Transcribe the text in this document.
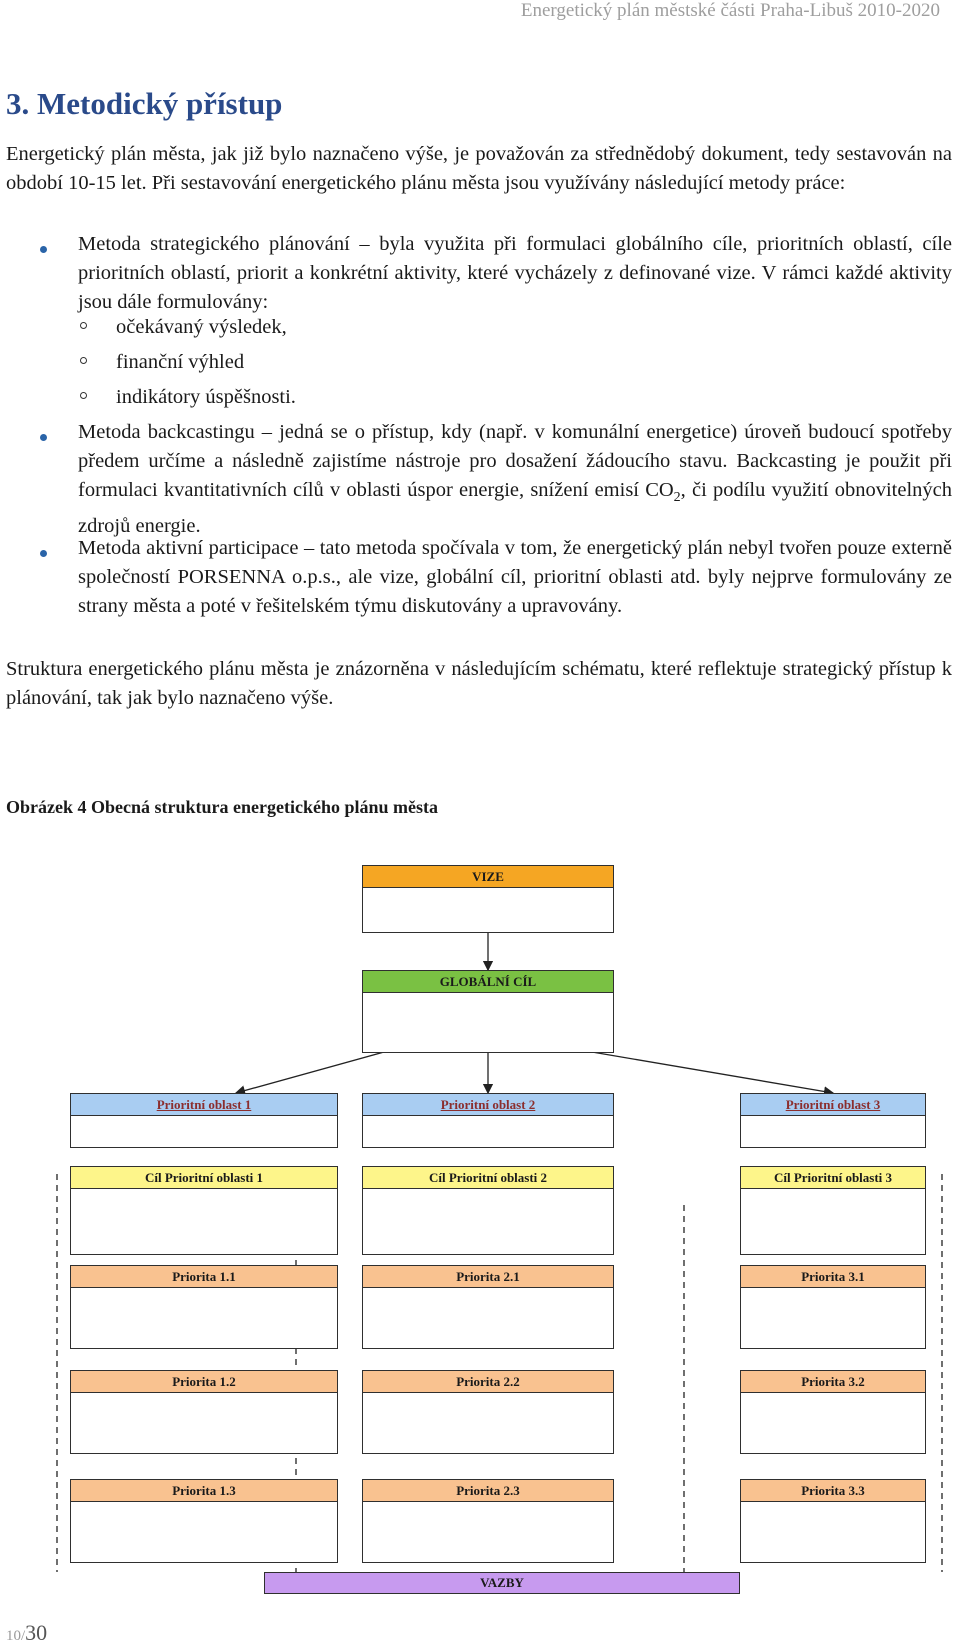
Energetický plán městské části Praha-Libuš 2010-2020
3. Metodický přístup

Energetický plán města, jak již bylo naznačeno výše, je považován za střednědobý dokument, tedy sestavován na období 10-15 let. Při sestavování energetického plánu města jsou využívány následující metody práce:

Metoda strategického plánování – byla využita při formulaci globálního cíle, prioritních oblastí, cíle prioritních oblastí, priorit a konkrétní aktivity, které vycházely z definované vize. V rámci každé aktivity jsou dále formulovány:

očekávaný výsledek,

finanční výhled

indikátory úspěšnosti.

Metoda backcastingu – jedná se o přístup, kdy (např. v komunální energetice) úroveň budoucí spotřeby předem určíme a následně zajistíme nástroje pro dosažení žádoucího stavu. Backcasting je použit při formulaci kvantitativních cílů v oblasti úspor energie, snížení emisí $CO_2$, či podílu využití obnovitelných zdrojů energie.

Metoda aktivní participace – tato metoda spočívala v tom, že energetický plán nebyl tvořen pouze externě společností PORSENNA o.p.s., ale vize, globální cíl, prioritní oblasti atd. byly nejprve formulovány ze strany města a poté v řešitelském týmu diskutovány a upravovány.

Struktura energetického plánu města je znázorněna v následujícím schématu, které reflektuje strategický přístup k plánování, tak jak bylo naznačeno výše.

Obrázek 4 Obecná struktura energetického plánu města

VIZE
GLOBÁLNÍ CÍL
Prioritní oblast 1
Cíl Prioritní oblasti 1
Priorita 1.1
Priorita 1.2
Priorita 1.3
Prioritní oblast 2
Cíl Prioritní oblasti 2
Priorita 2.1
Priorita 2.2
Priorita 2.3
Prioritní oblast 3
Cíl Prioritní oblasti 3
Priorita 3.1
Priorita 3.2
Priorita 3.3
VAZBY
10/30
